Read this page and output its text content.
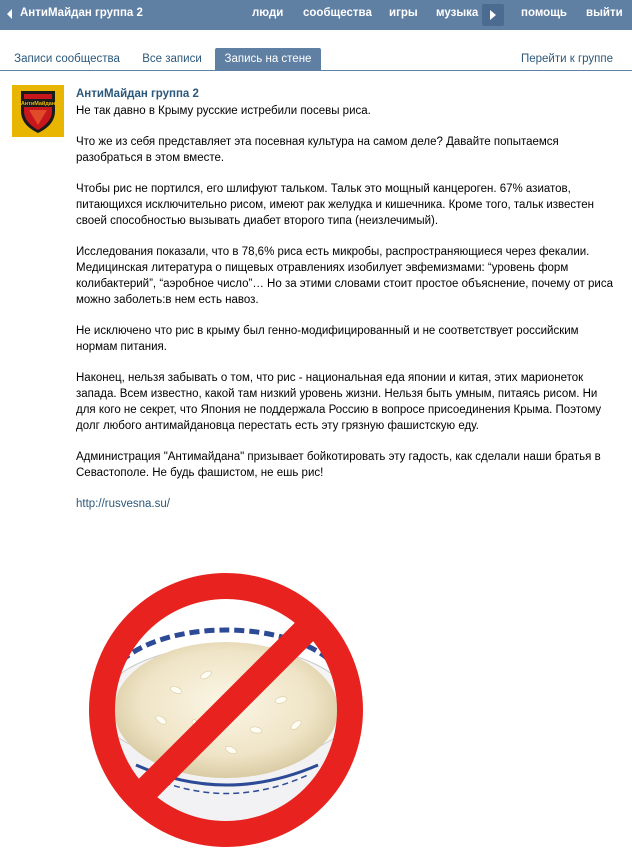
АнтиМайдан группа 2	люди сообщества игры музыка	помощь выйти
Записи сообщества	Все записи	Запись на стене	Перейти к группе
АнтиМайдан
АнтиМайдан группа 2

Не так давно в Крыму русские истребили посевы риса.

Что же из себя представляет эта посевная культура на самом деле? Давайте попытаемся разобраться в этом вместе.

Чтобы рис не портился, его шлифуют тальком. Тальк это мощный канцероген. 67% азиатов, питающихся исключительно рисом, имеют рак желудка и кишечника. Кроме того, тальк известен своей способностью вызывать диабет второго типа (неизлечимый).

Исследования показали, что в 78,6% риса есть микробы, распространяющиеся через фекалии. Медицинская литература о пищевых отравлениях изобилует эвфемизмами: “уровень форм колибактерий”, “аэробное число”… Но за этими словами стоит простое объяснение, почему от риса можно заболеть:в нем есть навоз.

Не исключено что рис в крыму был генно-модифицированный и не соответствует российским нормам питания.

Наконец, нельзя забывать о том, что рис - национальная еда японии и китая, этих марионеток запада. Всем известно, какой там низкий уровень жизни. Нельзя быть умным, питаясь рисом. Ни для кого не секрет, что Япония не поддержала Россию в вопросе присоединения Крыма. Поэтому долг любого антимайдановца перестать есть эту грязную фашистскую еду.

Администрация "Антимайдана" призывает бойкотировать эту гадость, как сделали наши братья в Севастополе. Не будь фашистом, не ешь рис!

http://rusvesna.su/
